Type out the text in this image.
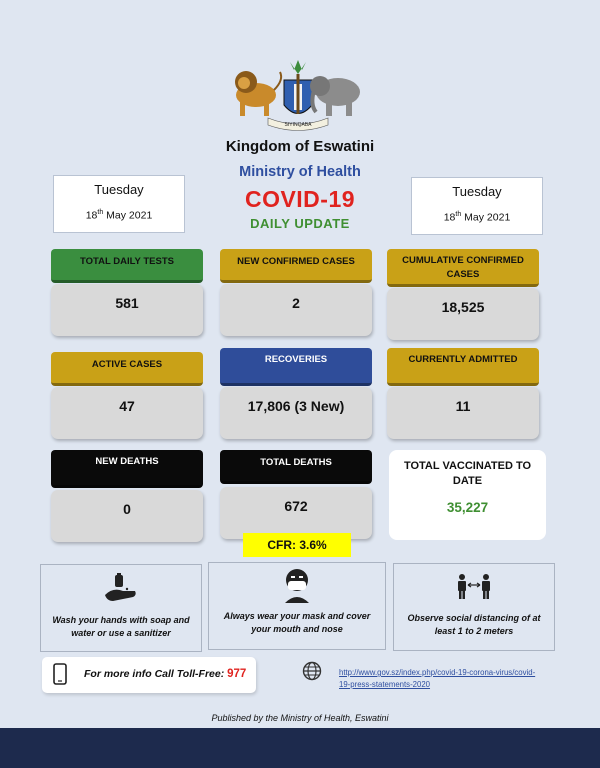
SIYINQABA
Kingdom of Eswatini
Ministry of Health
COVID-19
DAILY UPDATE
Tuesday
18th May 2021
Tuesday
18th May 2021
TOTAL DAILY TESTS
581
NEW CONFIRMED CASES
2
CUMULATIVE CONFIRMED CASES
18,525
ACTIVE CASES
47
RECOVERIES
17,806 (3 New)
CURRENTLY ADMITTED
11
NEW DEATHS
0
TOTAL DEATHS
672
TOTAL VACCINATED TO DATE
35,227
CFR: 3.6%
Wash your hands with soap and water or use a sanitizer
Always wear your mask and cover your mouth and nose
Observe social distancing of at least 1 to 2 meters
For more info Call Toll-Free: 977	http://www.gov.sz/index.php/covid-19-corona-virus/covid-19-press-statements-2020
Published by the Ministry of Health, Eswatini
